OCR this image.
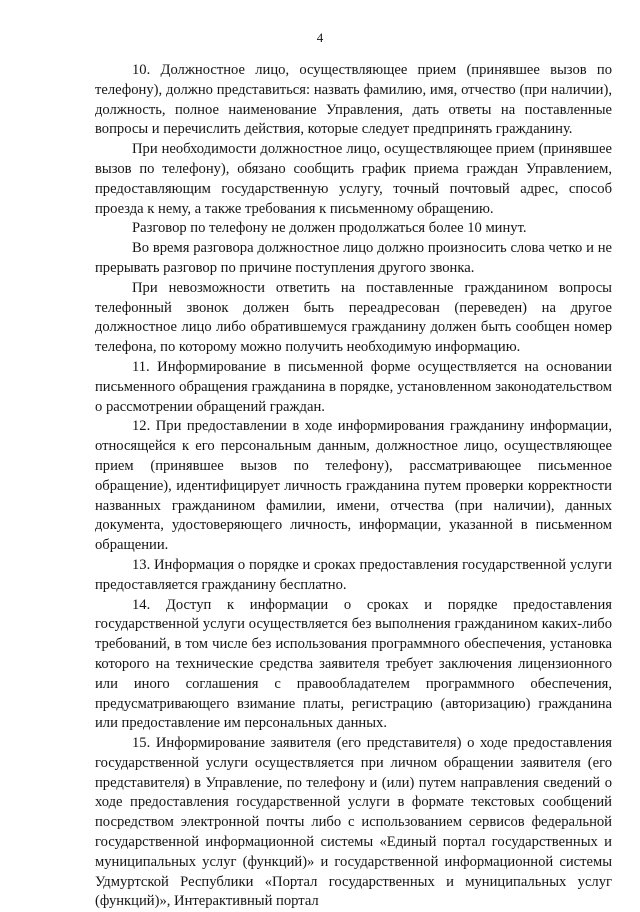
4

10. Должностное лицо, осуществляющее прием (принявшее вызов по телефону), должно представиться: назвать фамилию, имя, отчество (при наличии), должность, полное наименование Управления, дать ответы на поставленные вопросы и перечислить действия, которые следует предпринять гражданину.

При необходимости должностное лицо, осуществляющее прием (принявшее вызов по телефону), обязано сообщить график приема граждан Управлением, предоставляющим государственную услугу, точный почтовый адрес, способ проезда к нему, а также требования к письменному обращению.

Разговор по телефону не должен продолжаться более 10 минут.

Во время разговора должностное лицо должно произносить слова четко и не прерывать разговор по причине поступления другого звонка.

При невозможности ответить на поставленные гражданином вопросы телефонный звонок должен быть переадресован (переведен) на другое должностное лицо либо обратившемуся гражданину должен быть сообщен номер телефона, по которому можно получить необходимую информацию.

11. Информирование в письменной форме осуществляется на основании письменного обращения гражданина в порядке, установленном законодательством о рассмотрении обращений граждан.

12. При предоставлении в ходе информирования гражданину информации, относящейся к его персональным данным, должностное лицо, осуществляющее прием (принявшее вызов по телефону), рассматривающее письменное обращение), идентифицирует личность гражданина путем проверки корректности названных гражданином фамилии, имени, отчества (при наличии), данных документа, удостоверяющего личность, информации, указанной в письменном обращении.

13. Информация о порядке и сроках предоставления государственной услуги предоставляется гражданину бесплатно.

14. Доступ к информации о сроках и порядке предоставления государственной услуги осуществляется без выполнения гражданином каких-либо требований, в том числе без использования программного обеспечения, установка которого на технические средства заявителя требует заключения лицензионного или иного соглашения с правообладателем программного обеспечения, предусматривающего взимание платы, регистрацию (авторизацию) гражданина или предоставление им персональных данных.

15. Информирование заявителя (его представителя) о ходе предоставления государственной услуги осуществляется при личном обращении заявителя (его представителя) в Управление, по телефону и (или) путем направления сведений о ходе предоставления государственной услуги в формате текстовых сообщений посредством электронной почты либо с использованием сервисов федеральной государственной информационной системы «Единый портал государственных и муниципальных услуг (функций)» и государственной информационной системы Удмуртской Республики «Портал государственных и муниципальных услуг (функций)», Интерактивный портал
